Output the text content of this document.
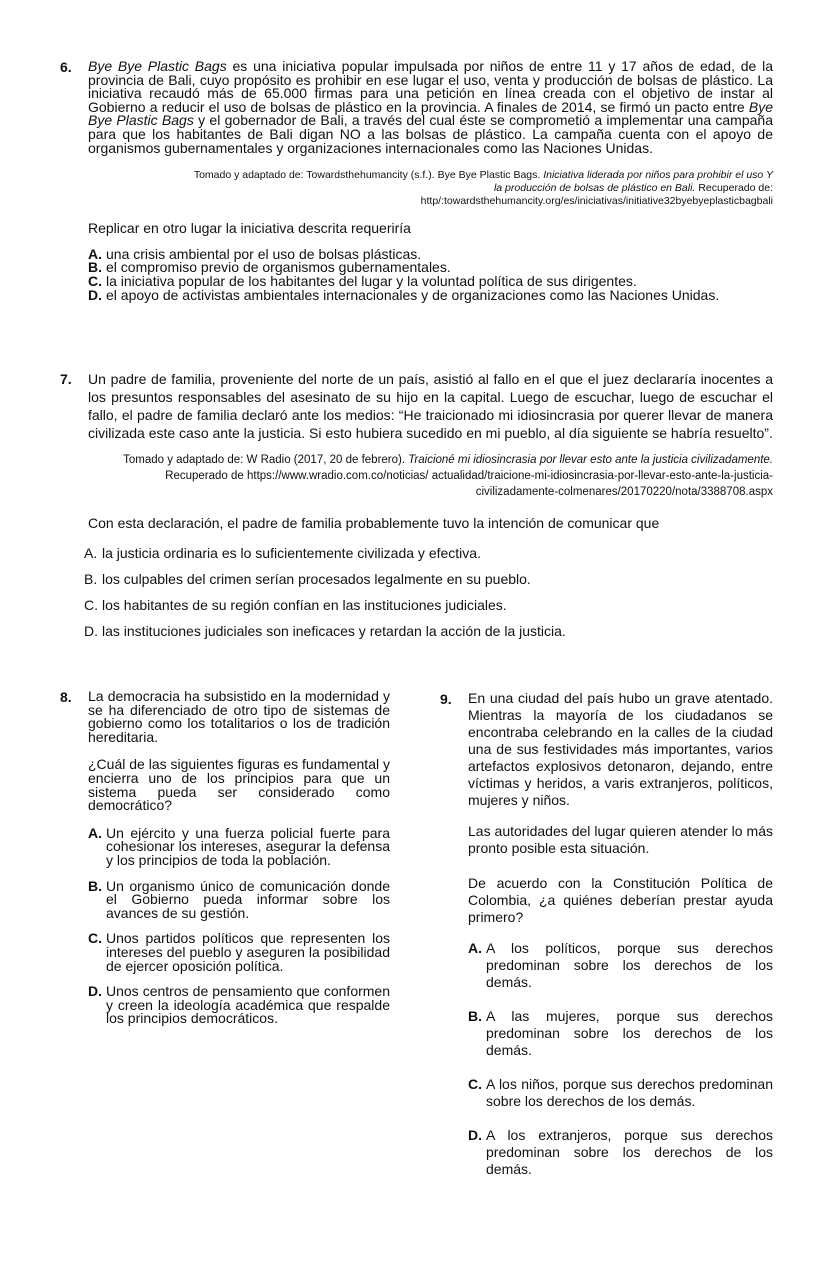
6.	Bye Bye Plastic Bags es una iniciativa popular impulsada por niños de entre 11 y 17 años de edad, de la provincia de Bali, cuyo propósito es prohibir en ese lugar el uso, venta y producción de bolsas de plástico. La iniciativa recaudó más de 65.000 firmas para una petición en línea creada con el objetivo de instar al Gobierno a reducir el uso de bolsas de plástico en la provincia. A finales de 2014, se firmó un pacto entre Bye Bye Plastic Bags y el gobernador de Bali, a través del cual éste se comprometió a implementar una campaña para que los habitantes de Bali digan NO a las bolsas de plástico. La campaña cuenta con el apoyo de organismos gubernamentales y organizaciones internacionales como las Naciones Unidas.

Tomado y adaptado de: Towardsthehumancity (s.f.). Bye Bye Plastic Bags. Iniciativa liderada por niños para prohibir el uso Y la producción de bolsas de plástico en Bali. Recuperado de: http/:towardsthehumancity.org/es/iniciativas/initiative32byebyeplasticbagbali

Replicar en otro lugar la iniciativa descrita requeriría

A. una crisis ambiental por el uso de bolsas plásticas.
B. el compromiso previo de organismos gubernamentales.
C. la iniciativa popular de los habitantes del lugar y la voluntad política de sus dirigentes.
D. el apoyo de activistas ambientales internacionales y de organizaciones como las Naciones Unidas.
7.	Un padre de familia, proveniente del norte de un país, asistió al fallo en el que el juez declararía inocentes a los presuntos responsables del asesinato de su hijo en la capital. Luego de escuchar, luego de escuchar el fallo, el padre de familia declaró ante los medios: “He traicionado mi idiosincrasia por querer llevar de manera civilizada este caso ante la justicia. Si esto hubiera sucedido en mi pueblo, al día siguiente se habría resuelto”.

Tomado y adaptado de: W Radio (2017, 20 de febrero). Traicioné mi idiosincrasia por llevar esto ante la justicia civilizadamente. Recuperado de https://www.wradio.com.co/noticias/ actualidad/traicione-mi-idiosincrasia-por-llevar-esto-ante-la-justicia-civilizadamente-colmenares/20170220/nota/3388708.aspx

Con esta declaración, el padre de familia probablemente tuvo la intención de comunicar que

A. la justicia ordinaria es lo suficientemente civilizada y efectiva.
B. los culpables del crimen serían procesados legalmente en su pueblo.
C. los habitantes de su región confían en las instituciones judiciales.
D. las instituciones judiciales son ineficaces y retardan la acción de la justicia.
8.	La democracia ha subsistido en la modernidad y se ha diferenciado de otro tipo de sistemas de gobierno como los totalitarios o los de tradición hereditaria.

¿Cuál de las siguientes figuras es fundamental y encierra uno de los principios para que un sistema pueda ser considerado como democrático?

A. Un ejército y una fuerza policial fuerte para cohesionar los intereses, asegurar la defensa y los principios de toda la población.
B. Un organismo único de comunicación donde el Gobierno pueda informar sobre los avances de su gestión.
C. Unos partidos políticos que representen los intereses del pueblo y aseguren la posibilidad de ejercer oposición política.
D. Unos centros de pensamiento que conformen y creen la ideología académica que respalde los principios democráticos.
9.	En una ciudad del país hubo un grave atentado. Mientras la mayoría de los ciudadanos se encontraba celebrando en la calles de la ciudad una de sus festividades más importantes, varios artefactos explosivos detonaron, dejando, entre víctimas y heridos, a varis extranjeros, políticos, mujeres y niños.

Las autoridades del lugar quieren atender lo más pronto posible esta situación.

De acuerdo con la Constitución Política de Colombia, ¿a quiénes deberían prestar ayuda primero?

A. A los políticos, porque sus derechos predominan sobre los derechos de los demás.
B. A las mujeres, porque sus derechos predominan sobre los derechos de los demás.
C. A los niños, porque sus derechos predominan sobre los derechos de los demás.
D. A los extranjeros, porque sus derechos predominan sobre los derechos de los demás.
